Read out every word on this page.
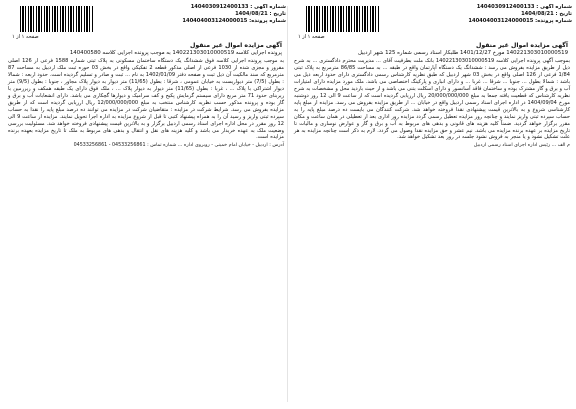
شماره آگهی : 1404030912400133
تاریخ : 1404/08/21
شماره پرونده: 140404003124000015
صفحه ۱ از ۱
آگهی مزایده اموال غیر منقول
140221303010000519 مورخ 1401/12/27 طلبکار اسناد رسمی شماره 125 شهر اردبیل
بموجب آگهی پرونده اجرایی کلاسه 140221303010000519 بانک ملت بطرفیت آقای ... مدیریت محترم دادگستری ... به شرح ذیل از طریق مزایده بفروش می رسد : ششدانگ یک دستگاه آپارتمان واقع در طبقه ... به مساحت 86/85 مترمربع به پلاک ثبتی 1/84 فرعی از 126 اصلی واقع در بخش 03 شهر اردبیل که طبق نظریه کارشناس رسمی دادگستری دارای حدود اربعه ذیل می باشد : شمالا بطول ... جنوبا ... شرقا ... غربا ... و دارای انباری و پارکینگ اختصاصی می باشد. ملک مورد مزایده دارای امتیازات آب و برق و گاز مشترک بوده و ساختمان فاقد آسانسور و دارای اسکلت بتنی می باشد و از حیث بازدید محل و مشخصات به شرح نظریه کارشناس که قطعیت یافته جمعا به مبلغ 20/000/000/000 ریال ارزیابی گردیده است که از ساعت 9 الی 12 روز دوشنبه مورخ 1404/09/04 در اداره اجرای اسناد رسمی اردبیل واقع در خیابان ... از طریق مزایده بفروش می رسد. مزایده از مبلغ پایه کارشناسی شروع و به بالاترین قیمت پیشنهادی نقدا فروخته خواهد شد. شرکت کنندگان می بایست ده درصد مبلغ پایه را به حساب سپرده ثبتی واریز نمایند و چنانچه روز مزایده تعطیل رسمی گردد مزایده روز اداری بعد از تعطیلی در همان ساعت و مکان مقرر برگزار خواهد گردید. ضمناً کلیه هزینه های قانونی و بدهی های مربوط به آب و برق و گاز و عوارض نوسازی و مالیات تا تاریخ مزایده بر عهده برنده مزایده می باشد. نیم عشر و حق مزایده نقدا وصول می گردد. لازم به ذکر است چنانچه مزایده به هر علت تشکیل نشود و یا منجر به فروش نشود جلسه در روز بعد تشکیل خواهد شد.
م الف ... رئیس اداره اجرای اسناد رسمی اردبیل
شماره آگهی : 1404030912400133
تاریخ : 1404/08/21
شماره پرونده: 140404003124000015
صفحه ۱ از ۱
آگهی مزایده اموال غیر منقول
پرونده اجرایی کلاسه 140221303010000519 به موجب پرونده اجرایی کلاسه 140400580
به موجب پرونده اجرایی کلاسه فوق ششدانگ یک دستگاه ساختمان مسکونی به پلاک ثبتی شماره 1588 فرعی از 126 اصلی مفروز و مجزی شده از 1030 فرعی از اصلی مذکور قطعه 2 تفکیکی واقع در بخش 03 حوزه ثبت ملک اردبیل به مساحت 87 مترمربع که سند مالکیت آن ذیل ثبت و صفحه دفتر 1402/01/09 به نام ... ثبت و صادر و تسلیم گردیده است. حدود اربعه : شمالا : بطول (7/5) متر دیواریست به خیابان عمومی ، شرقا : بطول (11/65) متر دیوار به دیوار پلاک مجاور ، جنوبا : بطول (9/5) متر دیوار اشتراکی با پلاک ... ، غربا : بطول (11/65) متر دیوار به دیوار پلاک ... ، ملک فوق دارای یک طبقه همکف و زیرزمین با زیربنای حدود 71 متر مربع دارای سیستم گرمایش پکیج و کف سرامیک و دیوارها گچکاری می باشد. دارای انشعابات آب و برق و گاز بوده و پرونده مذکور حسب نظریه کارشناس منتخب به مبلغ 12/000/000/000 ریال ارزیابی گردیده است که از طریق مزایده بفروش می رسد. شرایط شرکت در مزایده : متقاضیان شرکت در مزایده می توانند ده درصد مبلغ پایه را نقدا به حساب سپرده ثبتی واریز و رسید آن را به همراه پیشنهاد کتبی تا قبل از شروع مزایده به اداره اجرا تحویل نمایند. مزایده از ساعت 9 الی 12 روز مقرر در محل اداره اجرای اسناد رسمی اردبیل برگزار و به بالاترین قیمت پیشنهادی فروخته خواهد شد. مسئولیت بررسی وضعیت ملک به عهده خریدار می باشد و کلیه هزینه های نقل و انتقال و بدهی های مربوط به ملک تا تاریخ مزایده بعهده برنده مزایده است.
آدرس : اردبیل - خیابان امام خمینی - روبروی اداره ... شماره تماس : 04533256861 - 04533256861
